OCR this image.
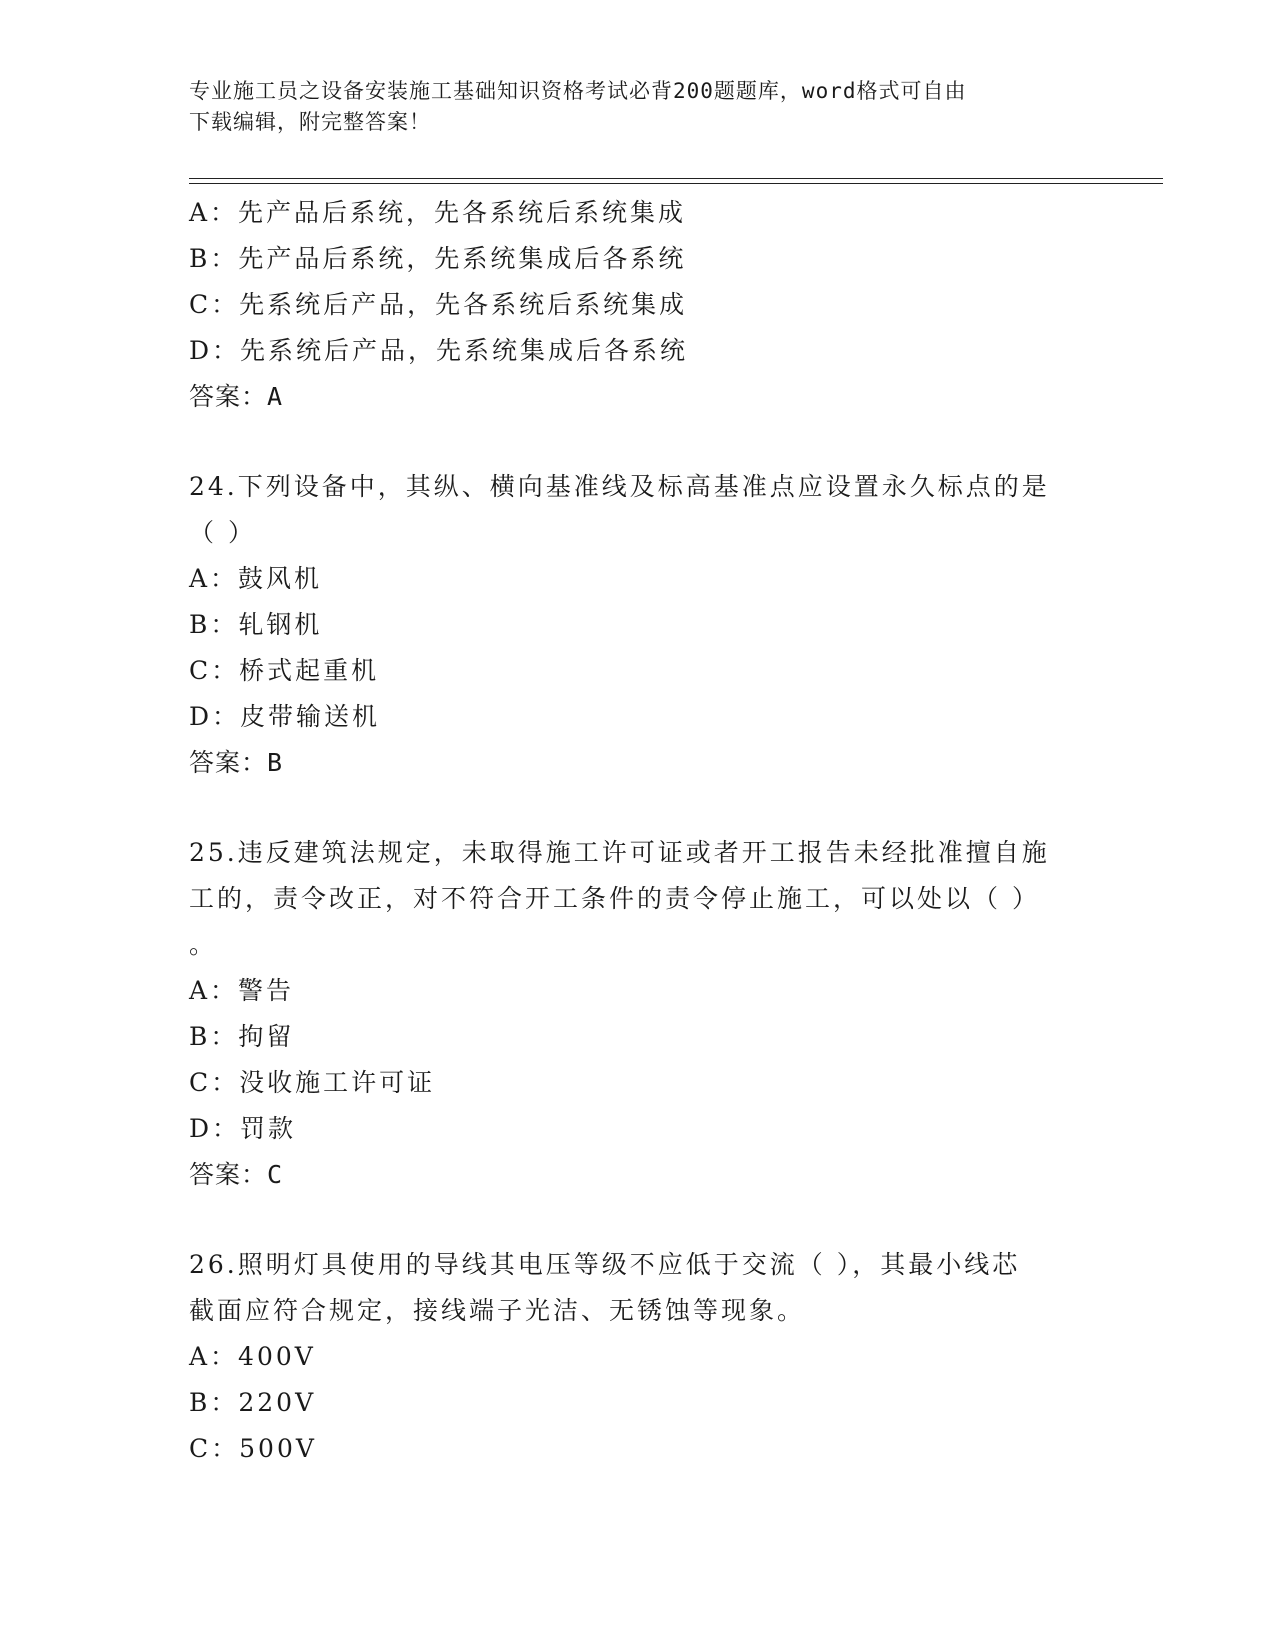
专业施工员之设备安装施工基础知识资格考试必背200题题库，word格式可自由
下载编辑，附完整答案！
A：先产品后系统，先各系统后系统集成
B：先产品后系统，先系统集成后各系统
C：先系统后产品，先各系统后系统集成
D：先系统后产品，先系统集成后各系统
答案：A
24.下列设备中，其纵、横向基准线及标高基准点应设置永久标点的是
（ ）
A：鼓风机
B：轧钢机
C：桥式起重机
D：皮带输送机
答案：B
25.违反建筑法规定，未取得施工许可证或者开工报告未经批准擅自施
工的，责令改正，对不符合开工条件的责令停止施工，可以处以（ ）
。
A：警告
B：拘留
C：没收施工许可证
D：罚款
答案：C
26.照明灯具使用的导线其电压等级不应低于交流（ ），其最小线芯
截面应符合规定，接线端子光洁、无锈蚀等现象。
A：400V
B：220V
C：500V
